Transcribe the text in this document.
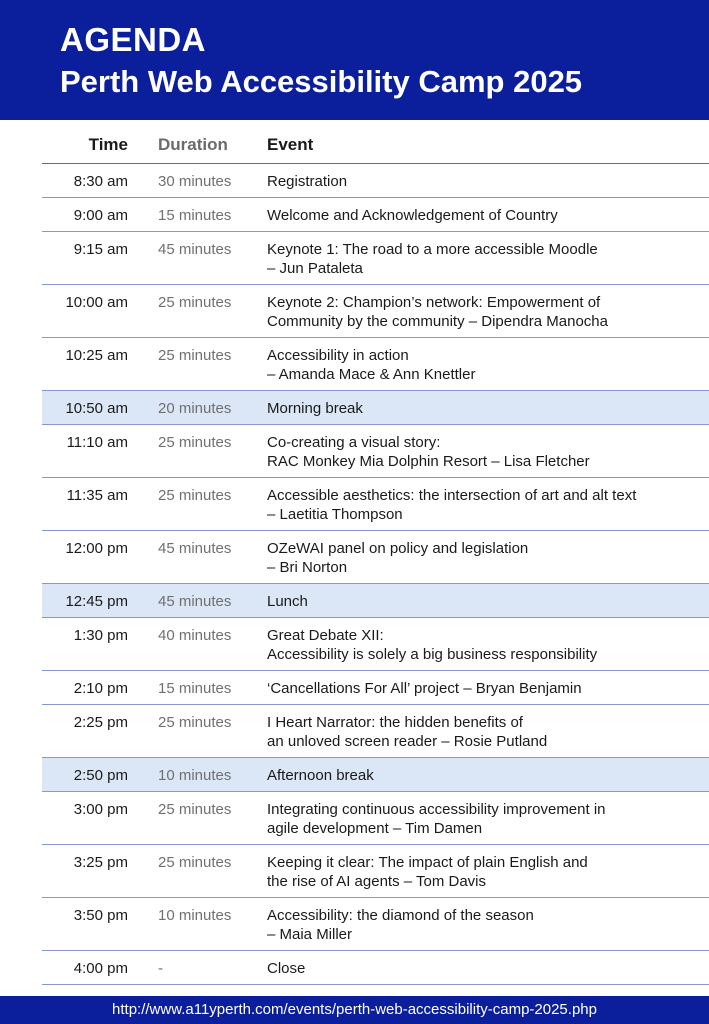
AGENDA
Perth Web Accessibility Camp 2025
Time Duration Event
8:30 am 30 minutes Registration
9:00 am 15 minutes Welcome and Acknowledgement of Country
9:15 am 45 minutes Keynote 1: The road to a more accessible Moodle
– Jun Pataleta
10:00 am 25 minutes Keynote 2: Champion’s network: Empowerment of
Community by the community – Dipendra Manocha
10:25 am 25 minutes Accessibility in action
– Amanda Mace & Ann Knettler
10:50 am 20 minutes Morning break
11:10 am 25 minutes Co-creating a visual story:
RAC Monkey Mia Dolphin Resort – Lisa Fletcher
11:35 am 25 minutes Accessible aesthetics: the intersection of art and alt text
– Laetitia Thompson
12:00 pm 45 minutes OZeWAI panel on policy and legislation
– Bri Norton
12:45 pm 45 minutes Lunch
1:30 pm 40 minutes Great Debate XII:
Accessibility is solely a big business responsibility
2:10 pm 15 minutes ‘Cancellations For All’ project – Bryan Benjamin
2:25 pm 25 minutes I Heart Narrator: the hidden benefits of
an unloved screen reader – Rosie Putland
2:50 pm 10 minutes Afternoon break
3:00 pm 25 minutes Integrating continuous accessibility improvement in
agile development – Tim Damen
3:25 pm 25 minutes Keeping it clear: The impact of plain English and
the rise of AI agents – Tom Davis
3:50 pm 10 minutes Accessibility: the diamond of the season
– Maia Miller
4:00 pm -	Close
http://www.a11yperth.com/events/perth-web-accessibility-camp-2025.php
